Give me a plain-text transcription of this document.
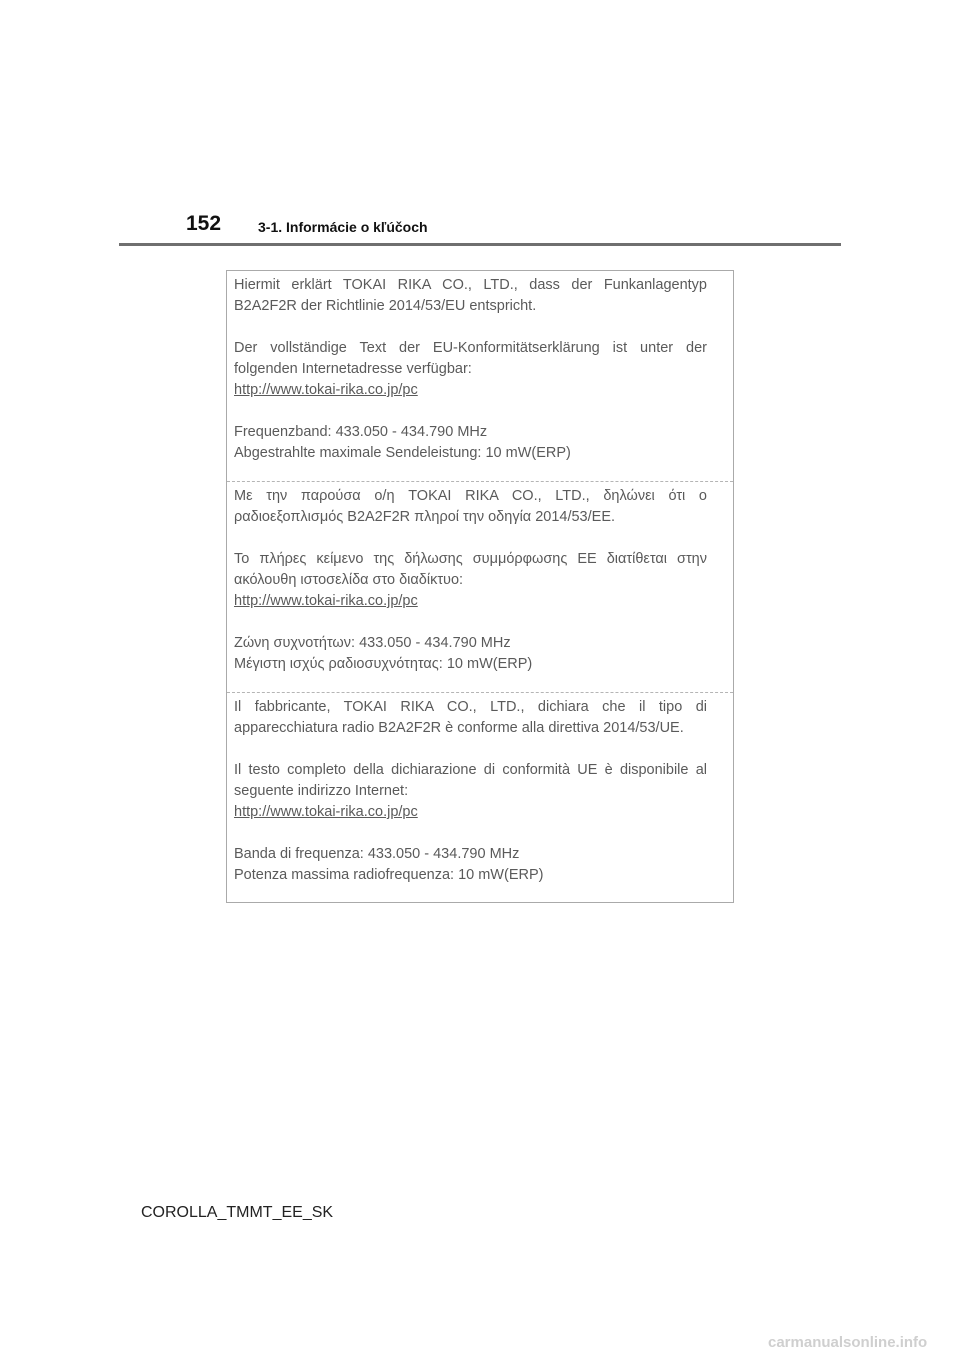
152	3-1. Informácie o kľúčoch

Hiermit erklärt TOKAI RIKA CO., LTD., dass der Funkanlagentyp

B2A2F2R der Richtlinie 2014/53/EU entspricht.

Der vollständige Text der EU-Konformitätserklärung ist unter der

folgenden Internetadresse verfügbar:

http://www.tokai-rika.co.jp/pc

Frequenzband: 433.050 - 434.790 MHz

Abgestrahlte maximale Sendeleistung: 10 mW(ERP)

Με την παρούσα ο/η TOKAI RIKA CO., LTD., δηλώνει ότι ο

ραδιοεξοπλισμός B2A2F2R πληροί την οδηγία 2014/53/ΕΕ.

Το πλήρες κείμενο της δήλωσης συμμόρφωσης ΕΕ διατίθεται στην

ακόλουθη ιστοσελίδα στο διαδίκτυο:

http://www.tokai-rika.co.jp/pc

Ζώνη συχνοτήτων: 433.050 - 434.790 MHz

Μέγιστη ισχύς ραδιοσυχνότητας: 10 mW(ERP)

Il fabbricante, TOKAI RIKA CO., LTD., dichiara che il tipo di

apparecchiatura radio B2A2F2R è conforme alla direttiva 2014/53/UE.

Il testo completo della dichiarazione di conformità UE è disponibile al

seguente indirizzo Internet:

http://www.tokai-rika.co.jp/pc

Banda di frequenza: 433.050 - 434.790 MHz

Potenza massima radiofrequenza: 10 mW(ERP)

COROLLA_TMMT_EE_SK
carmanualsonline.info
